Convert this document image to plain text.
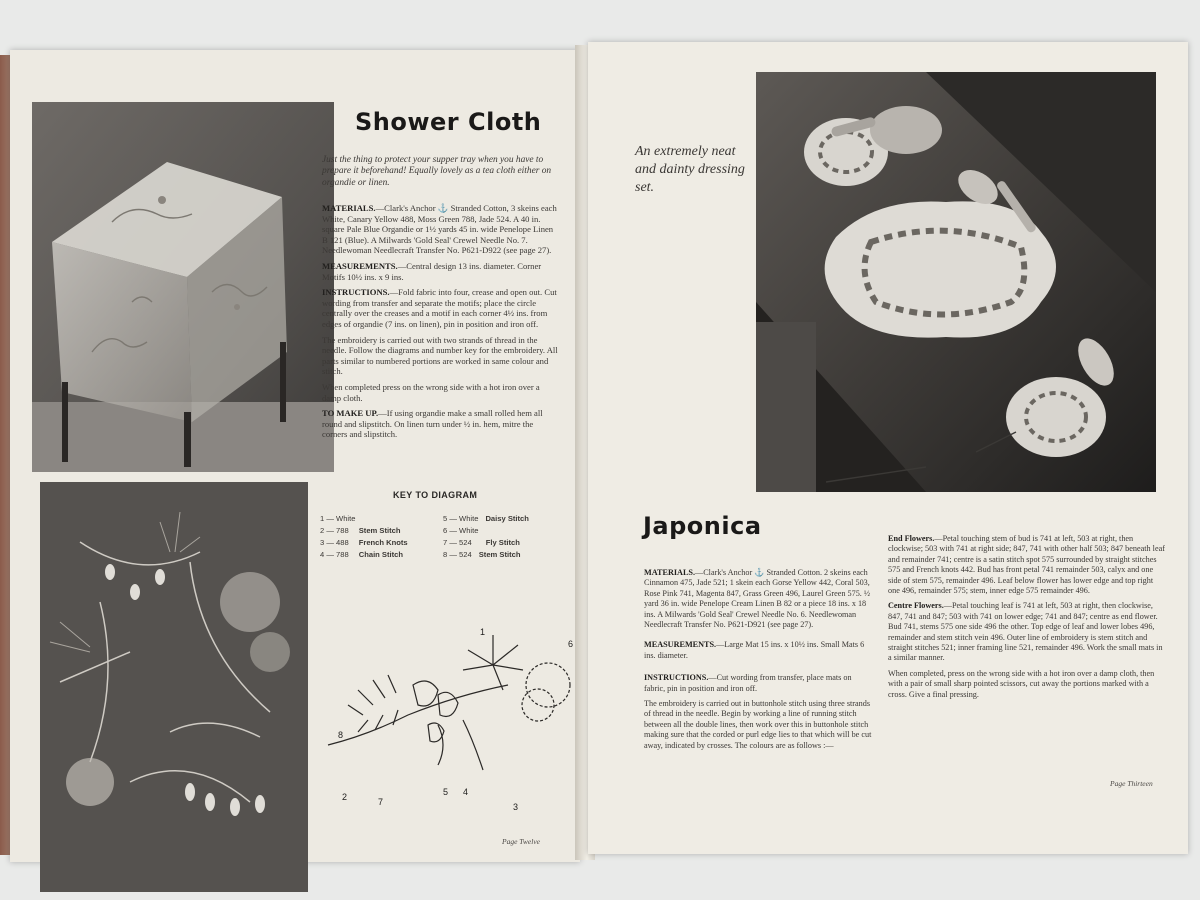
Shower Cloth

Just the thing to protect your supper tray when you have to prepare it beforehand! Equally lovely as a tea cloth either on organdie or linen.

MATERIALS.—Clark's Anchor ⚓ Stranded Cotton, 3 skeins each White, Canary Yellow 488, Moss Green 788, Jade 524. A 40 in. square Pale Blue Organdie or 1½ yards 45 in. wide Penelope Linen B 121 (Blue). A Milwards 'Gold Seal' Crewel Needle No. 7. Needlewoman Needlecraft Transfer No. P621-D922 (see page 27).

MEASUREMENTS.—Central design 13 ins. diameter. Corner Motifs 10½ ins. x 9 ins.

INSTRUCTIONS.—Fold fabric into four, crease and open out. Cut wording from transfer and separate the motifs; place the circle centrally over the creases and a motif in each corner 4½ ins. from edges of organdie (7 ins. on linen), pin in position and iron off.

The embroidery is carried out with two strands of thread in the needle. Follow the diagrams and number key for the embroidery. All parts similar to numbered portions are worked in same colour and stitch.

When completed press on the wrong side with a hot iron over a damp cloth.

TO MAKE UP.—If using organdie make a small rolled hem all round and slipstitch. On linen turn under ½ in. hem, mitre the corners and slipstitch.

KEY TO DIAGRAM
1 — White
2 — 788 Stem Stitch
3 — 488 French Knots
4 — 788 Chain Stitch
5 — White Daisy Stitch
6 — White
7 — 524 Fly Stitch
8 — 524 Stem Stitch
1
2
3
4
5
6
7
8
Page Twelve

An extremely neat and dainty dressing set.

Japonica

MATERIALS.—Clark's Anchor ⚓ Stranded Cotton. 2 skeins each Cinnamon 475, Jade 521; 1 skein each Gorse Yellow 442, Coral 503, Rose Pink 741, Magenta 847, Grass Green 496, Laurel Green 575. ½ yard 36 in. wide Penelope Cream Linen B 82 or a piece 18 ins. x 18 ins. A Milwards 'Gold Seal' Crewel Needle No. 6. Needlewoman Needlecraft Transfer No. P621-D921 (see page 27).

MEASUREMENTS.—Large Mat 15 ins. x 10½ ins. Small Mats 6 ins. diameter.

INSTRUCTIONS.—Cut wording from transfer, place mats on fabric, pin in position and iron off.

The embroidery is carried out in buttonhole stitch using three strands of thread in the needle. Begin by working a line of running stitch between all the double lines, then work over this in buttonhole stitch making sure that the corded or purl edge lies to that which will be cut away, indicated by crosses. The colours are as follows :—

End Flowers.—Petal touching stem of bud is 741 at left, 503 at right, then clockwise; 503 with 741 at right side; 847, 741 with other half 503; 847 beneath leaf and remainder 741; centre is a satin stitch spot 575 surrounded by straight stitches 575 and French knots 442. Bud has front petal 741 remainder 503, calyx and one side of stem 575, remainder 496. Leaf below flower has lower edge and top right one 496, remainder 575; stem, inner edge 575 remainder 496.

Centre Flowers.—Petal touching leaf is 741 at left, 503 at right, then clockwise, 847, 741 and 847; 503 with 741 on lower edge; 741 and 847; centre as end flower. Bud 741, stems 575 one side 496 the other. Top edge of leaf and lower lobes 496, remainder and stem stitch vein 496. Outer line of embroidery is stem stitch and straight stitches 521; inner framing line 521, remainder 496. Work the small mats in a similar manner.

When completed, press on the wrong side with a hot iron over a damp cloth, then with a pair of small sharp pointed scissors, cut away the portions marked with a cross. Give a final pressing.

Page Thirteen
